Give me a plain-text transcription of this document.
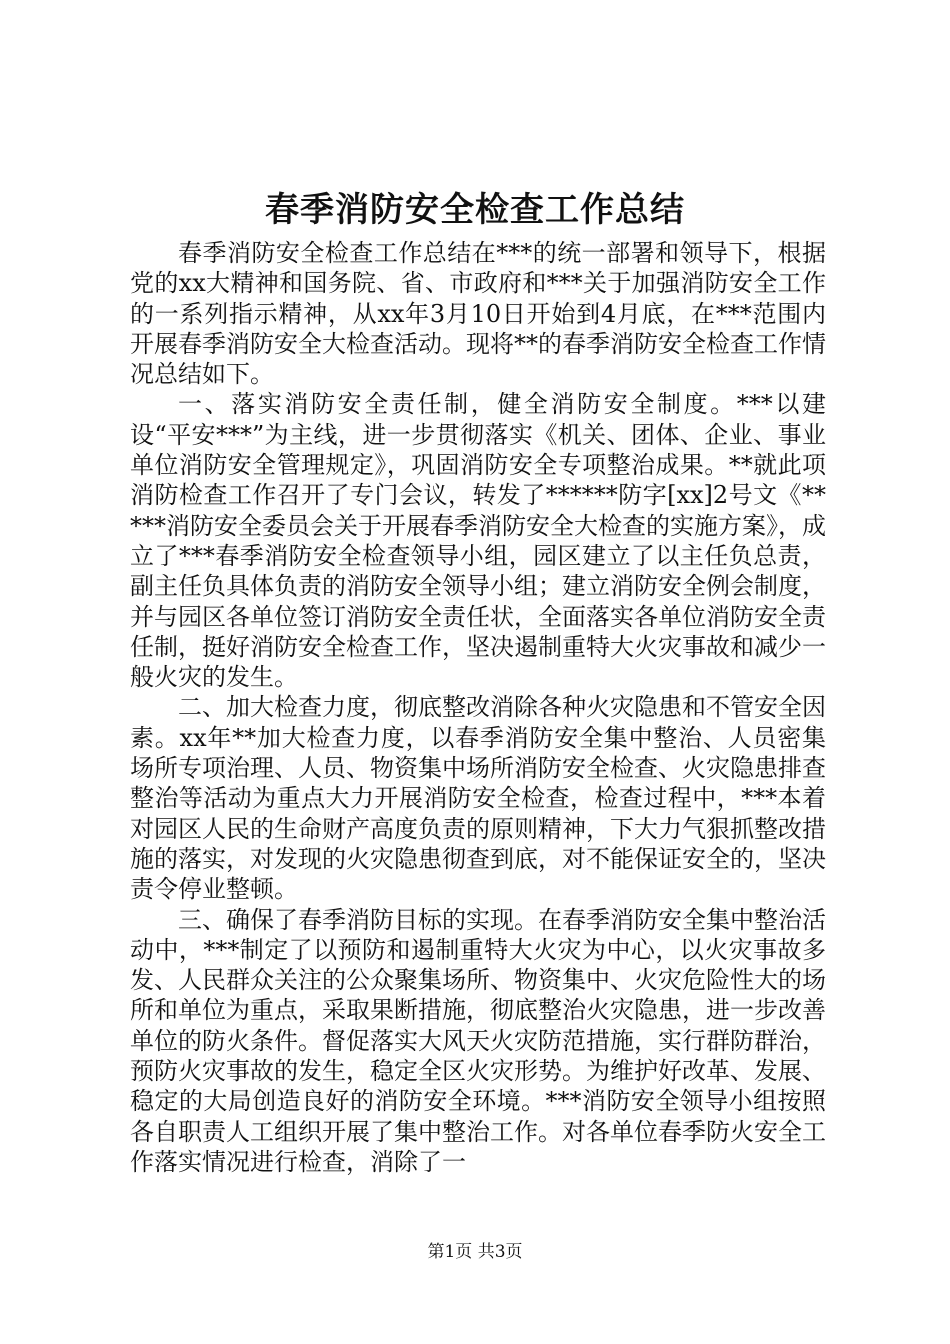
春季消防安全检查工作总结

春季消防安全检查工作总结在***的统一部署和领导下，根据党的xx大精神和国务院、省、市政府和***关于加强消防安全工作的一系列指示精神，从xx年3月10日开始到4月底，在***范围内开展春季消防安全大检查活动。现将**的春季消防安全检查工作情况总结如下。

一、落实消防安全责任制，健全消防安全制度。***以建设“平安***”为主线，进一步贯彻落实《机关、团体、企业、事业单位消防安全管理规定》，巩固消防安全专项整治成果。**就此项消防检查工作召开了专门会议，转发了******防字[xx]2号文《*****消防安全委员会关于开展春季消防安全大检查的实施方案》，成立了***春季消防安全检查领导小组，园区建立了以主任负总责，副主任负具体负责的消防安全领导小组；建立消防安全例会制度，并与园区各单位签订消防安全责任状，全面落实各单位消防安全责任制，挺好消防安全检查工作，坚决遏制重特大火灾事故和减少一般火灾的发生。

二、加大检查力度，彻底整改消除各种火灾隐患和不管安全因素。xx年**加大检查力度，以春季消防安全集中整治、人员密集场所专项治理、人员、物资集中场所消防安全检查、火灾隐患排查整治等活动为重点大力开展消防安全检查，检查过程中，***本着对园区人民的生命财产高度负责的原则精神，下大力气狠抓整改措施的落实，对发现的火灾隐患彻查到底，对不能保证安全的，坚决责令停业整顿。

三、确保了春季消防目标的实现。在春季消防安全集中整治活动中，***制定了以预防和遏制重特大火灾为中心，以火灾事故多发、人民群众关注的公众聚集场所、物资集中、火灾危险性大的场所和单位为重点，采取果断措施，彻底整治火灾隐患，进一步改善单位的防火条件。督促落实大风天火灾防范措施，实行群防群治，预防火灾事故的发生，稳定全区火灾形势。为维护好改革、发展、稳定的大局创造良好的消防安全环境。***消防安全领导小组按照各自职责人工组织开展了集中整治工作。对各单位春季防火安全工作落实情况进行检查，消除了一

第1页 共3页
